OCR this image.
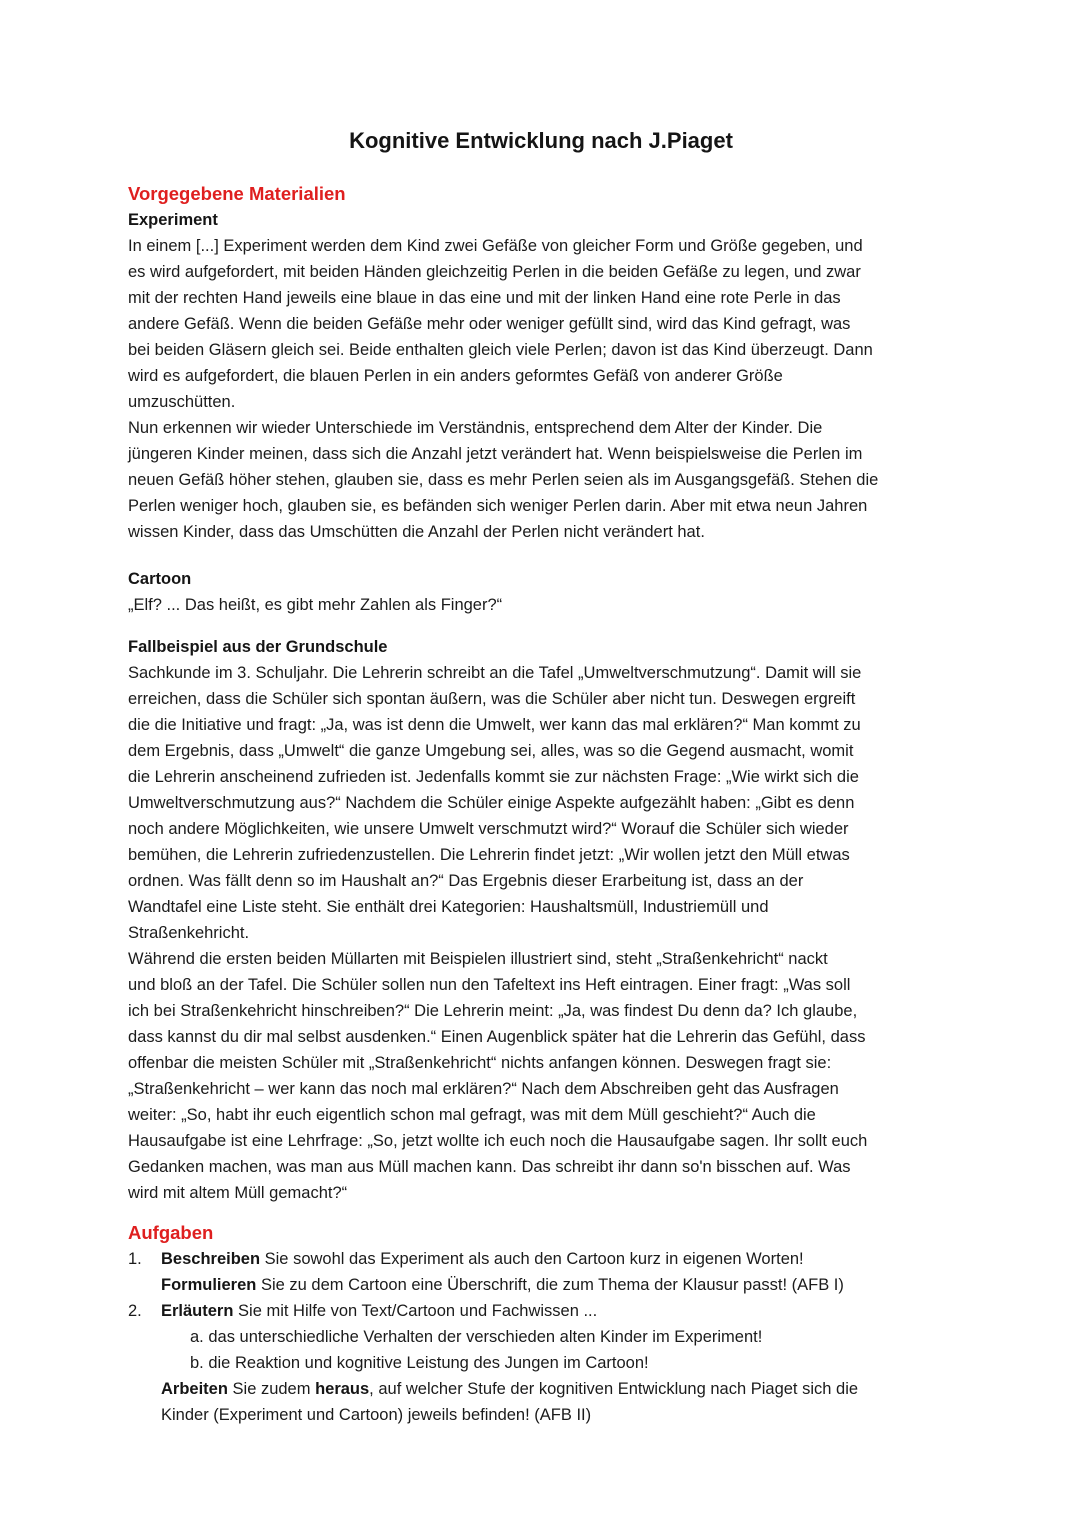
Kognitive Entwicklung nach J.Piaget
Vorgegebene Materialien
Experiment
In einem [...] Experiment werden dem Kind zwei Gefäße von gleicher Form und Größe gegeben, und
es wird aufgefordert, mit beiden Händen gleichzeitig Perlen in die beiden Gefäße zu legen, und zwar
mit der rechten Hand jeweils eine blaue in das eine und mit der linken Hand eine rote Perle in das
andere Gefäß. Wenn die beiden Gefäße mehr oder weniger gefüllt sind, wird das Kind gefragt, was
bei beiden Gläsern gleich sei. Beide enthalten gleich viele Perlen; davon ist das Kind überzeugt. Dann
wird es aufgefordert, die blauen Perlen in ein anders geformtes Gefäß von anderer Größe
umzuschütten.
Nun erkennen wir wieder Unterschiede im Verständnis, entsprechend dem Alter der Kinder. Die
jüngeren Kinder meinen, dass sich die Anzahl jetzt verändert hat. Wenn beispielsweise die Perlen im
neuen Gefäß höher stehen, glauben sie, dass es mehr Perlen seien als im Ausgangsgefäß. Stehen die
Perlen weniger hoch, glauben sie, es befänden sich weniger Perlen darin. Aber mit etwa neun Jahren
wissen Kinder, dass das Umschütten die Anzahl der Perlen nicht verändert hat.
Cartoon
„Elf? ... Das heißt, es gibt mehr Zahlen als Finger?“
Fallbeispiel aus der Grundschule
Sachkunde im 3. Schuljahr. Die Lehrerin schreibt an die Tafel „Umweltverschmutzung“. Damit will sie
erreichen, dass die Schüler sich spontan äußern, was die Schüler aber nicht tun. Deswegen ergreift
die die Initiative und fragt: „Ja, was ist denn die Umwelt, wer kann das mal erklären?“ Man kommt zu
dem Ergebnis, dass „Umwelt“ die ganze Umgebung sei, alles, was so die Gegend ausmacht, womit
die Lehrerin anscheinend zufrieden ist. Jedenfalls kommt sie zur nächsten Frage: „Wie wirkt sich die
Umweltverschmutzung aus?“ Nachdem die Schüler einige Aspekte aufgezählt haben: „Gibt es denn
noch andere Möglichkeiten, wie unsere Umwelt verschmutzt wird?“ Worauf die Schüler sich wieder
bemühen, die Lehrerin zufriedenzustellen. Die Lehrerin findet jetzt: „Wir wollen jetzt den Müll etwas
ordnen. Was fällt denn so im Haushalt an?“ Das Ergebnis dieser Erarbeitung ist, dass an der
Wandtafel eine Liste steht. Sie enthält drei Kategorien: Haushaltsmüll, Industriemüll und
Straßenkehricht.
Während die ersten beiden Müllarten mit Beispielen illustriert sind, steht „Straßenkehricht“ nackt
und bloß an der Tafel. Die Schüler sollen nun den Tafeltext ins Heft eintragen. Einer fragt: „Was soll
ich bei Straßenkehricht hinschreiben?“ Die Lehrerin meint: „Ja, was findest Du denn da? Ich glaube,
dass kannst du dir mal selbst ausdenken.“ Einen Augenblick später hat die Lehrerin das Gefühl, dass
offenbar die meisten Schüler mit „Straßenkehricht“ nichts anfangen können. Deswegen fragt sie:
„Straßenkehricht – wer kann das noch mal erklären?“ Nach dem Abschreiben geht das Ausfragen
weiter: „So, habt ihr euch eigentlich schon mal gefragt, was mit dem Müll geschieht?“ Auch die
Hausaufgabe ist eine Lehrfrage: „So, jetzt wollte ich euch noch die Hausaufgabe sagen. Ihr sollt euch
Gedanken machen, was man aus Müll machen kann. Das schreibt ihr dann so'n bisschen auf. Was
wird mit altem Müll gemacht?“
Aufgaben
1.	Beschreiben Sie sowohl das Experiment als auch den Cartoon kurz in eigenen Worten!
Formulieren Sie zu dem Cartoon eine Überschrift, die zum Thema der Klausur passt! (AFB I)
2.	Erläutern Sie mit Hilfe von Text/Cartoon und Fachwissen ...
a. das unterschiedliche Verhalten der verschieden alten Kinder im Experiment!
b. die Reaktion und kognitive Leistung des Jungen im Cartoon!
Arbeiten Sie zudem heraus, auf welcher Stufe der kognitiven Entwicklung nach Piaget sich die
Kinder (Experiment und Cartoon) jeweils befinden! (AFB II)
